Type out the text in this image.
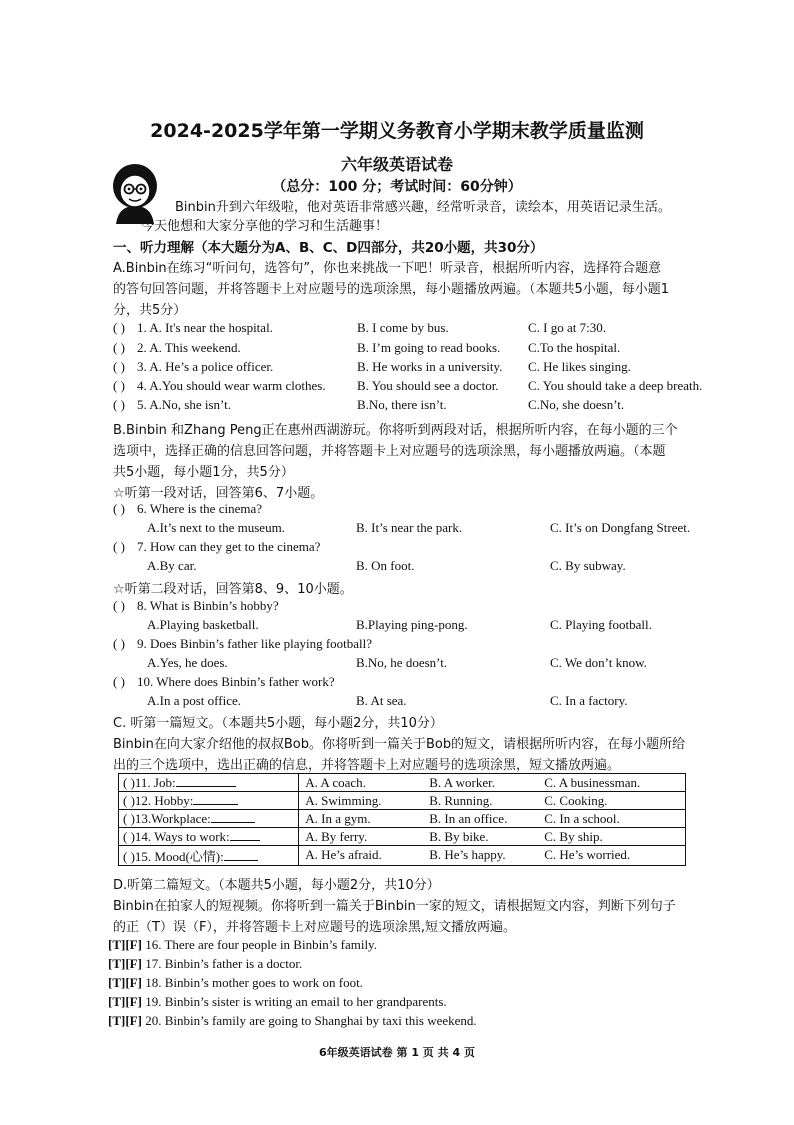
2024-2025学年第一学期义务教育小学期末教学质量监测
六年级英语试卷
（总分：100 分；考试时间：60分钟）
Binbin升到六年级啦，他对英语非常感兴趣，经常听录音，读绘本，用英语记录生活。
今天他想和大家分享他的学习和生活趣事！
一、听力理解（本大题分为A、B、C、D四部分，共20小题，共30分）
A.Binbin在练习“听问句，选答句”，你也来挑战一下吧！听录音，根据所听内容，选择符合题意
的答句回答问题，并将答题卡上对应题号的选项涂黑，每小题播放两遍。（本题共5小题，每小题1
分，共5分）
( ) 1. A. It's near the hospital.	B. I come by bus.	C. I go at 7:30.
( ) 2. A. This weekend.	B. I’m going to read books. C.To the hospital.
( ) 3. A. He’s a police officer.	B. He works in a university. C. He likes singing.
( ) 4. A.You should wear warm clothes. B. You should see a doctor. C. You should take a deep breath.
( ) 5. A.No, she isn’t.	B.No, there isn’t.	C.No, she doesn’t.
B.Binbin 和Zhang Peng正在惠州西湖游玩。你将听到两段对话，根据所听内容，在每小题的三个
选项中，选择正确的信息回答问题，并将答题卡上对应题号的选项涂黑，每小题播放两遍。（本题
共5小题，每小题1分，共5分）
☆听第一段对话，回答第6、7小题。
( ) 6. Where is the cinema?
A.It’s next to the museum.	B. It’s near the park.	C. It’s on Dongfang Street.
( ) 7. How can they get to the cinema?
A.By car.	B. On foot.	C. By subway.
☆听第二段对话，回答第8、9、10小题。
( ) 8. What is Binbin’s hobby?
A.Playing basketball.	B.Playing ping-pong.	C. Playing football.
( ) 9. Does Binbin’s father like playing football?
A.Yes, he does.	B.No, he doesn’t.	C. We don’t know.
( ) 10. Where does Binbin’s father work?
A.In a post office.	B. At sea.	C. In a factory.
C. 听第一篇短文。（本题共5小题，每小题2分，共10分）
Binbin在向大家介绍他的叔叔Bob。你将听到一篇关于Bob的短文，请根据所听内容，在每小题所给
出的三个选项中，选出正确的信息，并将答题卡上对应题号的选项涂黑，短文播放两遍。
( )11. Job:	A. A coach. B. A worker. C. A businessman.

( )12. Hobby:	A. Swimming. B. Running. C. Cooking.

( )13.Workplace:	A. In a gym. B. In an office. C. In a school.

( )14. Ways to work:	A. By ferry. B. By bike. C. By ship.

( )15. Mood(心情):	A. He’s afraid. B. He’s happy. C. He’s worried.
D.听第二篇短文。（本题共5小题，每小题2分，共10分）
Binbin在拍家人的短视频。你将听到一篇关于Binbin一家的短文，请根据短文内容，判断下列句子
的正（T）误（F），并将答题卡上对应题号的选项涂黑,短文播放两遍。
[T][F] 16. There are four people in Binbin’s family.
[T][F] 17. Binbin’s father is a doctor.
[T][F] 18. Binbin’s mother goes to work on foot.
[T][F] 19. Binbin’s sister is writing an email to her grandparents.
[T][F] 20. Binbin’s family are going to Shanghai by taxi this weekend.
6年级英语试卷 第 1 页 共 4 页
